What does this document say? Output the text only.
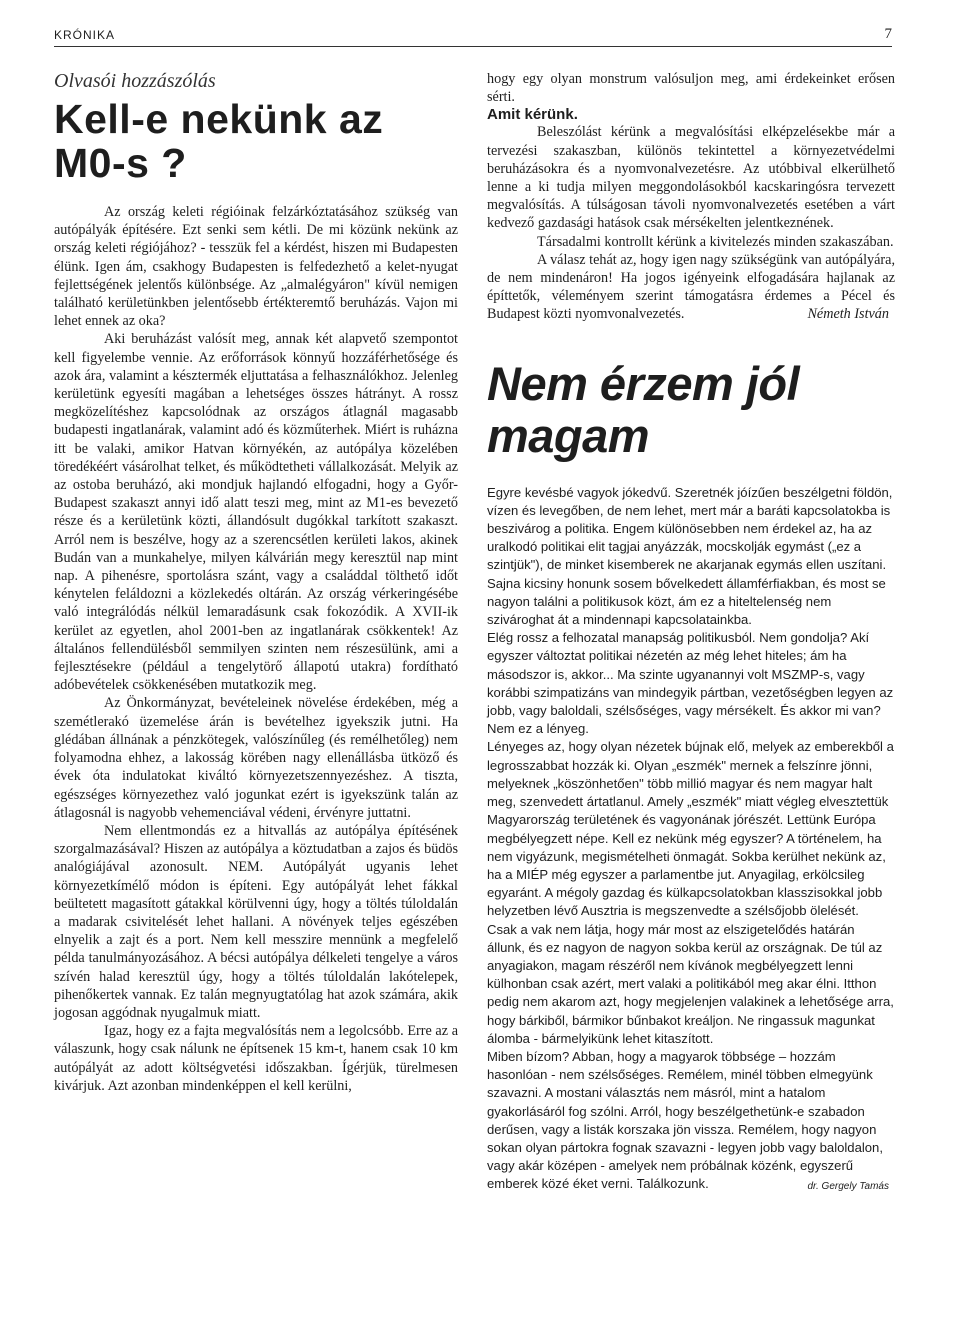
KRÓNIKA	7

Olvasói hozzászólás

Kell-e nekünk az M0-s ?

Az ország keleti régióinak felzárkóztatásához szükség van autópályák építésére. Ezt senki sem kétli. De mi közünk nekünk az ország keleti régiójához? - tesszük fel a kérdést, hiszen mi Budapesten élünk. Igen ám, csakhogy Budapesten is felfedezhető a kelet-nyugat fejlettségének jelentős különbsége. Az „almalégyáron" kívül nemigen található kerületünkben jelentősebb értékteremtő beruházás. Vajon mi lehet ennek az oka?

Aki beruházást valósít meg, annak két alapvető szempontot kell figyelembe vennie. Az erőforrások könnyű hozzáférhetősége és azok ára, valamint a késztermék eljuttatása a felhasználókhoz. Jelenleg kerületünk egyesíti magában a lehetséges összes hátrányt. A rossz megközelítéshez kapcsolódnak az országos átlagnál magasabb budapesti ingatlanárak, valamint adó és közműterhek. Miért is ruházna itt be valaki, amikor Hatvan környékén, az autópálya közelében töredékéért vásárolhat telket, és működtetheti vállalkozását. Melyik az az ostoba beruházó, aki mondjuk hajlandó elfogadni, hogy a Győr-Budapest szakaszt annyi idő alatt teszi meg, mint az M1-es bevezető része és a kerületünk közti, állandósult dugókkal tarkított szakaszt. Arról nem is beszélve, hogy az a szerencsétlen kerületi lakos, akinek Budán van a munkahelye, milyen kálvárián megy keresztül nap mint nap. A pihenésre, sportolásra szánt, vagy a családdal tölthető időt kénytelen feláldozni a közlekedés oltárán. Az ország vérkeringésébe való integrálódás nélkül lemaradásunk csak fokozódik. A XVII-ik kerület az egyetlen, ahol 2001-ben az ingatlanárak csökkentek! Az általános fellendülésből semmilyen szinten nem részesülünk, ami a fejlesztésekre (például a tengelytörő állapotú utakra) fordítható adóbevételek csökkenésében mutatkozik meg.

Az Önkormányzat, bevételeinek növelése érdekében, még a szemétlerakó üzemelése árán is bevételhez igyekszik jutni. Ha glédában állnának a pénzkötegek, valószínűleg (és remélhetőleg) nem folyamodna ehhez, a lakosság körében nagy ellenállásba ütköző és évek óta indulatokat kiváltó környezetszennyezéshez. A tiszta, egészséges környezethez való jogunkat ezért is igyekszünk talán az átlagosnál is nagyobb vehemenciával védeni, érvényre juttatni.

Nem ellentmondás ez a hitvallás az autópálya építésének szorgalmazásával? Hiszen az autópálya a köztudatban a zajos és büdös analógiájával azonosult. NEM. Autópályát ugyanis lehet környezetkímélő módon is építeni. Egy autópályát lehet fákkal beültetett magasított gátakkal körülvenni úgy, hogy a töltés túloldalán a madarak csivitelését lehet hallani. A növények teljes egészében elnyelik a zajt és a port. Nem kell messzire mennünk a megfelelő példa tanulmányozásához. A bécsi autópálya délkeleti tengelye a város szívén halad keresztül úgy, hogy a töltés túloldalán lakótelepek, pihenőkertek vannak. Ez talán megnyugtatólag hat azok számára, akik jogosan aggódnak nyugalmuk miatt.

Igaz, hogy ez a fajta megvalósítás nem a legolcsóbb. Erre az a válaszunk, hogy csak nálunk ne építsenek 15 km-t, hanem csak 10 km autópályát az adott költségvetési időszakban. Ígérjük, türelmesen kivárjuk. Azt azonban mindenképpen el kell kerülni,

hogy egy olyan monstrum valósuljon meg, ami érdekeinket erősen sérti.

Amit kérünk.

Beleszólást kérünk a megvalósítási elképzelésekbe már a tervezési szakaszban, különös tekintettel a környezetvédelmi beruházásokra és a nyomvonalvezetésre. Az utóbbival elkerülhető lenne a ki tudja milyen meggondolásokból kacskaringósra tervezett megvalósítás. A túlságosan távoli nyomvonalvezetés esetében a várt kedvező gazdasági hatások csak mérsékelten jelentkeznének.

Társadalmi kontrollt kérünk a kivitelezés minden szakaszában.

A válasz tehát az, hogy igen nagy szükségünk van autópályára, de nem mindenáron! Ha jogos igényeink elfogadására hajlanak az építtetők, véleményem szerint támogatásra érdemes a Pécel és Budapest közti nyomvonalvezetés.	Németh István

Nem érzem jól magam

Egyre kevésbé vagyok jókedvű. Szeretnék jóízűen beszélgetni földön, vízen és levegőben, de nem lehet, mert már a baráti kapcsolatokba is beszivárog a politika. Engem különösebben nem érdekel az, ha az uralkodó politikai elit tagjai anyázzák, mocskolják egymást („ez a szintjük"), de minket kisemberek ne akarjanak egymás ellen uszítani. Sajna kicsiny honunk sosem bővelkedett államférfiakban, és most se nagyon találni a politikusok közt, ám ez a hiteltelenség nem szivároghat át a mindennapi kapcsolatainkba.

Elég rossz a felhozatal manapság politikusból. Nem gondolja? Akí egyszer változtat politikai nézetén az még lehet hiteles; ám ha másodszor is, akkor... Ma szinte ugyanannyi volt MSZMP-s, vagy korábbi szimpatizáns van mindegyik pártban, vezetőségben legyen az jobb, vagy baloldali, szélsőséges, vagy mérsékelt. És akkor mi van? Nem ez a lényeg.

Lényeges az, hogy olyan nézetek bújnak elő, melyek az emberekből a legrosszabbat hozzák ki. Olyan „eszmék" mernek a felszínre jönni, melyeknek „köszönhetően" több millió magyar és nem magyar halt meg, szenvedett ártatlanul. Amely „eszmék" miatt végleg elvesztettük Magyarország területének és vagyonának jórészét. Lettünk Európa megbélyegzett népe. Kell ez nekünk még egyszer? A történelem, ha nem vigyázunk, megismételheti önmagát. Sokba kerülhet nekünk az, ha a MIÉP még egyszer a parlamentbe jut. Anyagilag, erkölcsileg egyaránt. A mégoly gazdag és külkapcsolatokban klasszisokkal jobb helyzetben lévő Ausztria is megszenvedte a szélsőjobb ölelését.

Csak a vak nem látja, hogy már most az elszigetelődés határán állunk, és ez nagyon de nagyon sokba kerül az országnak. De túl az anyagiakon, magam részéről nem kívánok megbélyegzett lenni külhonban csak azért, mert valaki a politikából meg akar élni. Itthon pedig nem akarom azt, hogy megjelenjen valakinek a lehetősége arra, hogy bárkiből, bármikor bűnbakot kreáljon. Ne ringassuk magunkat álomba - bármelyikünk lehet kitaszított.

Miben bízom? Abban, hogy a magyarok többsége – hozzám hasonlóan - nem szélsőséges. Remélem, minél többen elmegyünk szavazni. A mostani választás nem másról, mint a hatalom gyakorlásáról fog szólni. Arról, hogy beszélgethetünk-e szabadon derűsen, vagy a listák korszaka jön vissza. Remélem, hogy nagyon sokan olyan pártokra fognak szavazni - legyen jobb vagy baloldalon, vagy akár középen - amelyek nem próbálnak közénk, egyszerű emberek közé éket verni. Találkozunk.	dr. Gergely Tamás
